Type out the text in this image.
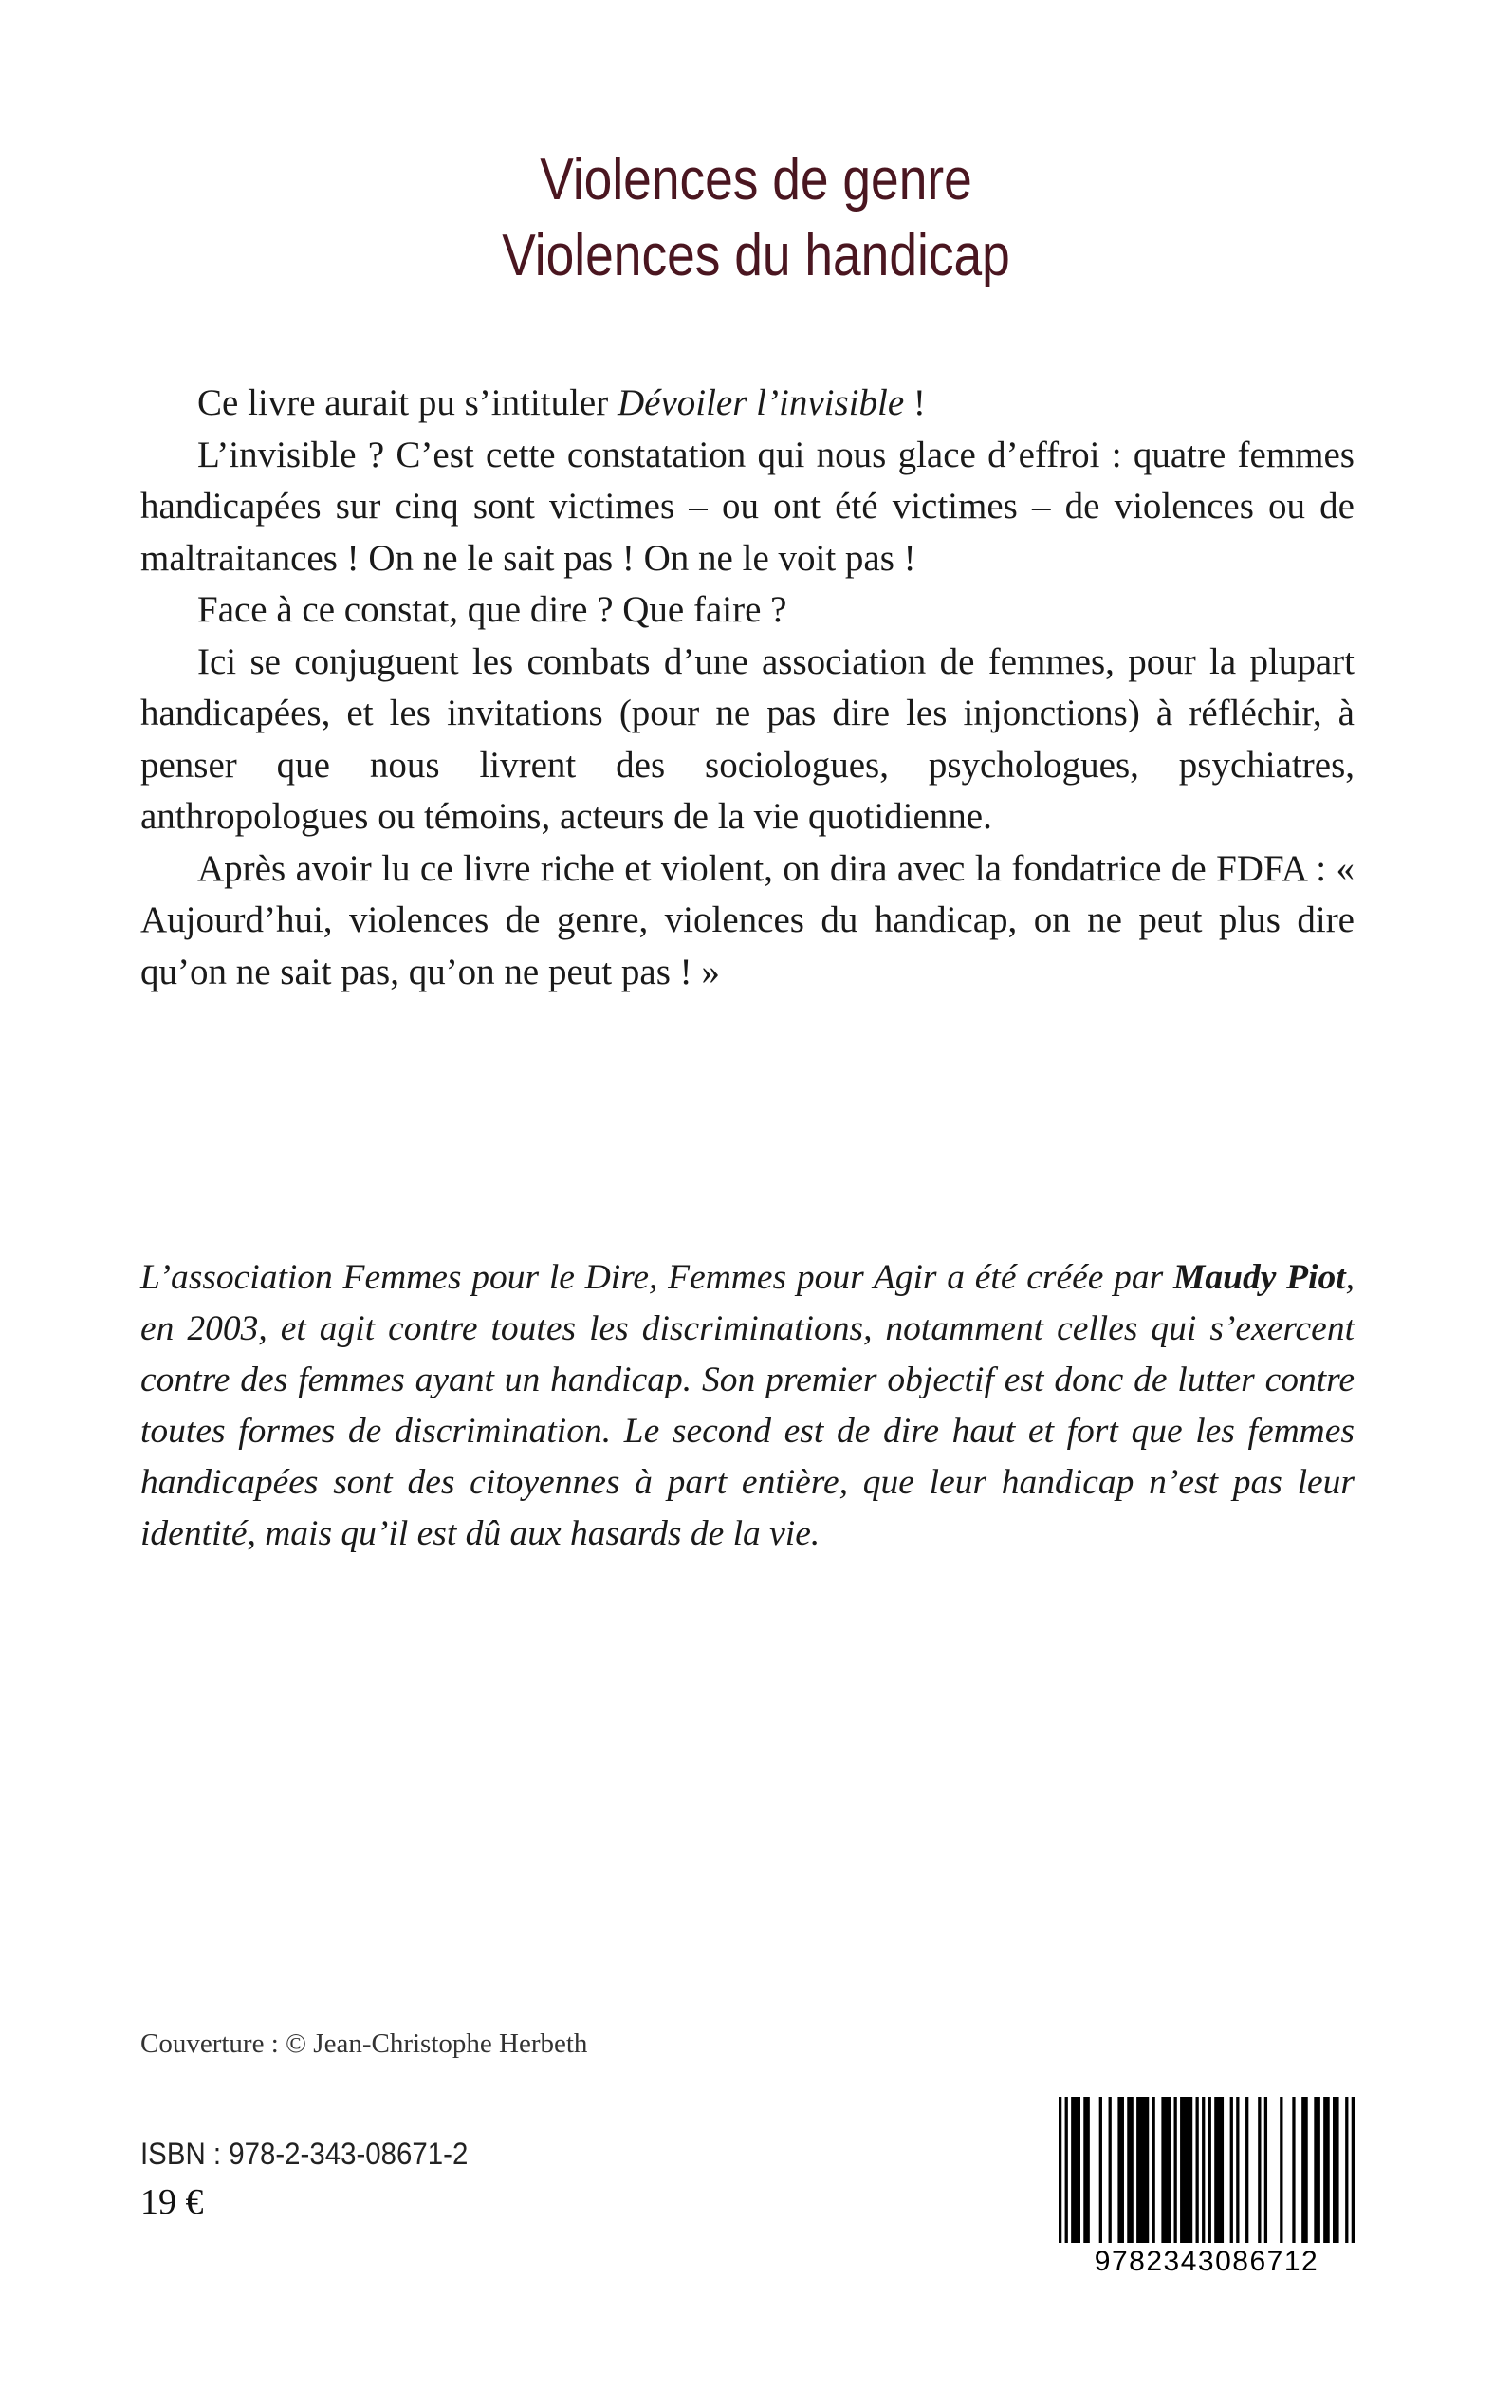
Violences de genre
Violences du handicap

Ce livre aurait pu s’intituler Dévoiler l’invisible !

L’invisible ? C’est cette constatation qui nous glace d’effroi : quatre femmes handicapées sur cinq sont victimes – ou ont été victimes – de violences ou de maltraitances ! On ne le sait pas ! On ne le voit pas !

Face à ce constat, que dire ? Que faire ?

Ici se conjuguent les combats d’une association de femmes, pour la plupart handicapées, et les invitations (pour ne pas dire les injonctions) à réfléchir, à penser que nous livrent des sociologues, psychologues, psychiatres, anthropologues ou témoins, acteurs de la vie quotidienne.

Après avoir lu ce livre riche et violent, on dira avec la fondatrice de FDFA : « Aujourd’hui, violences de genre, violences du handicap, on ne peut plus dire qu’on ne sait pas, qu’on ne peut pas ! »

L’association Femmes pour le Dire, Femmes pour Agir a été créée par Maudy Piot, en 2003, et agit contre toutes les discriminations, notamment celles qui s’exercent contre des femmes ayant un handicap. Son premier objectif est donc de lutter contre toutes formes de discrimination. Le second est de dire haut et fort que les femmes handicapées sont des citoyennes à part entière, que leur handicap n’est pas leur identité, mais qu’il est dû aux hasards de la vie.

Couverture : © Jean-Christophe Herbeth
ISBN : 978-2-343-08671-2
19 €
9782343086712
